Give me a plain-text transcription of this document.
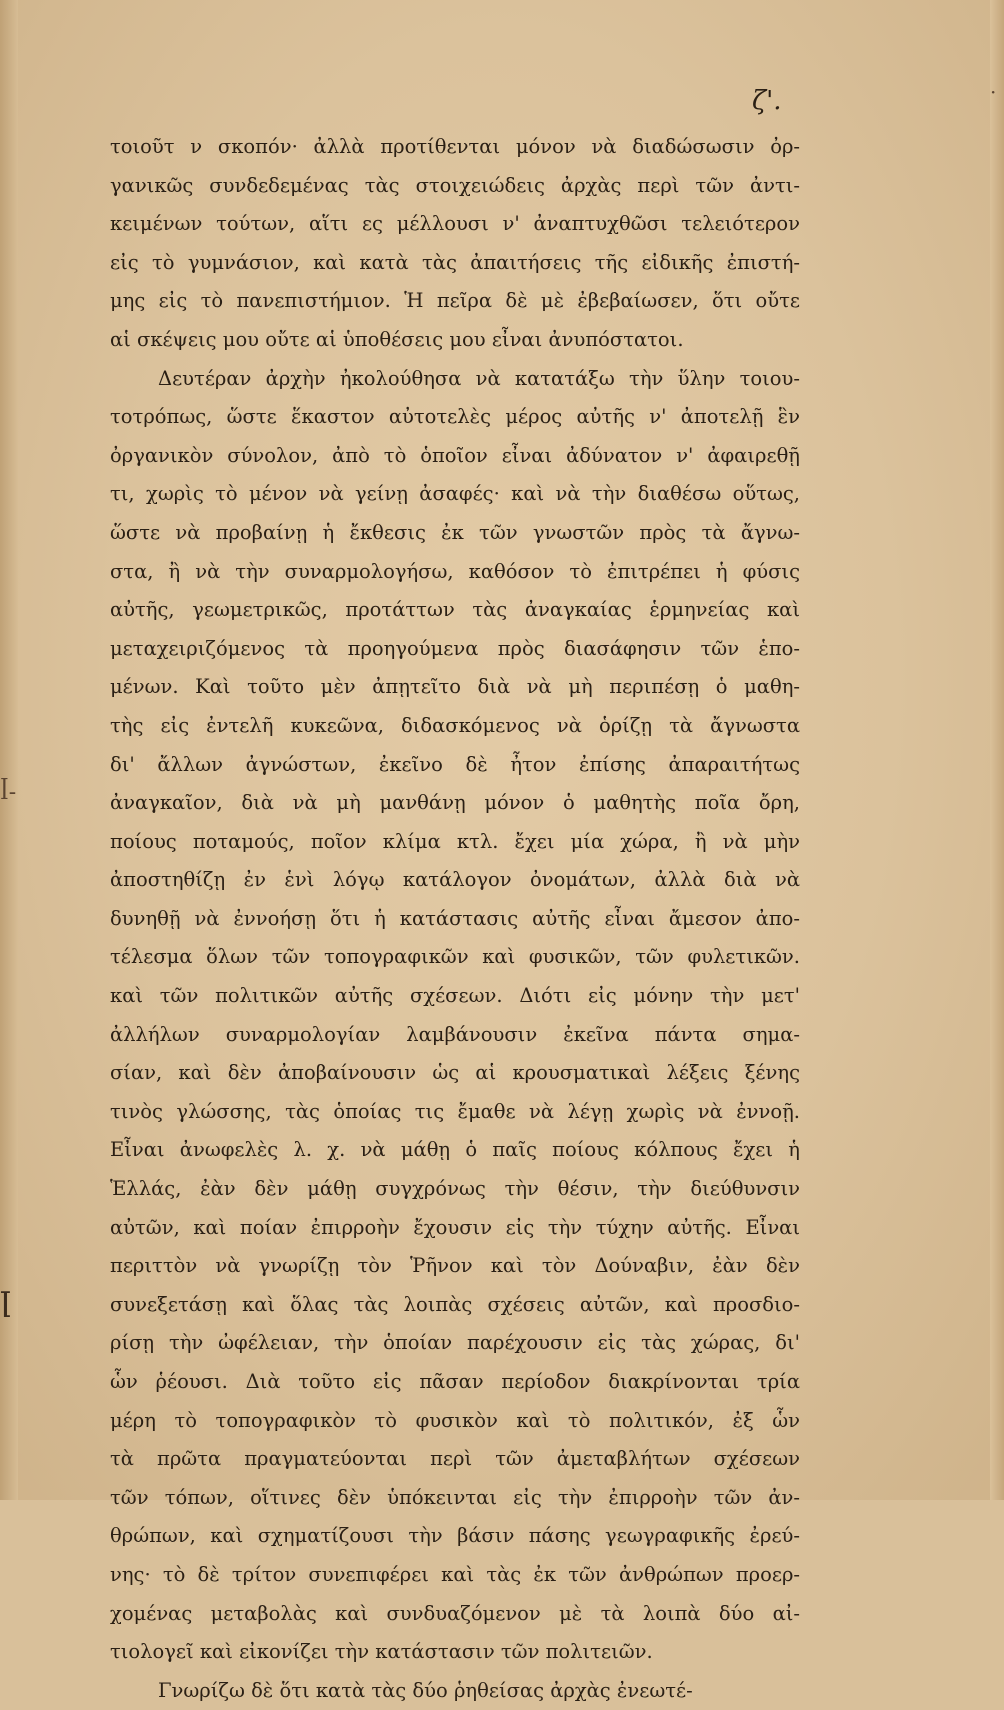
ζ'.	·
ꟾ‐
ꞁ
τοιοῦτ ν σκοπόν· ἀλλὰ προτίθενται μόνον νὰ διαδώσωσιν ὀρ-
γανικῶς συνδεδεμένας τὰς στοιχειώδεις ἀρχὰς περὶ τῶν ἀντι-
κειμένων τούτων, αἵτι ες μέλλουσι ν' ἀναπτυχθῶσι τελειότερον
εἰς τὸ γυμνάσιον, καὶ κατὰ τὰς ἀπαιτήσεις τῆς εἰδικῆς ἐπιστή-
μης εἰς τὸ πανεπιστήμιον. Ἡ πεῖρα δὲ μὲ ἐβεβαίωσεν, ὅτι οὔτε
αἱ σκέψεις μου οὔτε αἱ ὑποθέσεις μου εἶναι ἀνυπόστατοι.
Δευτέραν ἀρχὴν ἠκολούθησα νὰ κατατάξω τὴν ὕλην τοιου-
τοτρόπως, ὥστε ἕκαστον αὐτοτελὲς μέρος αὐτῆς ν' ἀποτελῇ ἓν
ὀργανικὸν σύνολον, ἀπὸ τὸ ὁποῖον εἶναι ἀδύνατον ν' ἀφαιρεθῇ
τι, χωρὶς τὸ μένον νὰ γείνῃ ἀσαφές· καὶ νὰ τὴν διαθέσω οὕτως,
ὥστε νὰ προβαίνῃ ἡ ἔκθεσις ἐκ τῶν γνωστῶν πρὸς τὰ ἄγνω-
στα, ἢ νὰ τὴν συναρμολογήσω, καθόσον τὸ ἐπιτρέπει ἡ φύσις
αὐτῆς, γεωμετρικῶς, προτάττων τὰς ἀναγκαίας ἑρμηνείας καὶ
μεταχειριζόμενος τὰ προηγούμενα πρὸς διασάφησιν τῶν ἑπο-
μένων. Καὶ τοῦτο μὲν ἀπῃτεῖτο διὰ νὰ μὴ περιπέσῃ ὁ μαθη-
τὴς εἰς ἐντελῆ κυκεῶνα, διδασκόμενος νὰ ὁρίζῃ τὰ ἄγνωστα
δι' ἄλλων ἀγνώστων, ἐκεῖνο δὲ ἦτον ἐπίσης ἀπαραιτήτως
ἀναγκαῖον, διὰ νὰ μὴ μανθάνῃ μόνον ὁ μαθητὴς ποῖα ὄρη,
ποίους ποταμούς, ποῖον κλίμα κτλ. ἔχει μία χώρα, ἢ νὰ μὴν
ἀποστηθίζῃ ἐν ἑνὶ λόγῳ κατάλογον ὀνομάτων, ἀλλὰ διὰ νὰ
δυνηθῇ νὰ ἐννοήσῃ ὅτι ἡ κατάστασις αὐτῆς εἶναι ἄμεσον ἀπο-
τέλεσμα ὅλων τῶν τοπογραφικῶν καὶ φυσικῶν, τῶν φυλετικῶν.
καὶ τῶν πολιτικῶν αὐτῆς σχέσεων. Διότι εἰς μόνην τὴν μετ'
ἀλλήλων συναρμολογίαν λαμβάνουσιν ἐκεῖνα πάντα σημα-
σίαν, καὶ δὲν ἀποβαίνουσιν ὡς αἱ κρουσματικαὶ λέξεις ξένης
τινὸς γλώσσης, τὰς ὁποίας τις ἔμαθε νὰ λέγῃ χωρὶς νὰ ἐννοῇ.
Εἶναι ἀνωφελὲς λ. χ. νὰ μάθῃ ὁ παῖς ποίους κόλπους ἔχει ἡ
Ἑλλάς, ἐὰν δὲν μάθῃ συγχρόνως τὴν θέσιν, τὴν διεύθυνσιν
αὐτῶν, καὶ ποίαν ἐπιρροὴν ἔχουσιν εἰς τὴν τύχην αὐτῆς. Εἶναι
περιττὸν νὰ γνωρίζῃ τὸν Ῥῆνον καὶ τὸν Δούναβιν, ἐὰν δὲν
συνεξετάσῃ καὶ ὅλας τὰς λοιπὰς σχέσεις αὐτῶν, καὶ προσδιο-
ρίσῃ τὴν ὠφέλειαν, τὴν ὁποίαν παρέχουσιν εἰς τὰς χώρας, δι'
ὧν ῥέουσι. Διὰ τοῦτο εἰς πᾶσαν περίοδον διακρίνονται τρία
μέρη τὸ τοπογραφικὸν τὸ φυσικὸν καὶ τὸ πολιτικόν, ἐξ ὧν
τὰ πρῶτα πραγματεύονται περὶ τῶν ἀμεταβλήτων σχέσεων
τῶν τόπων, οἵτινες δὲν ὑπόκεινται εἰς τὴν ἐπιρροὴν τῶν ἀν-
θρώπων, καὶ σχηματίζουσι τὴν βάσιν πάσης γεωγραφικῆς ἐρεύ-
νης· τὸ δὲ τρίτον συνεπιφέρει καὶ τὰς ἐκ τῶν ἀνθρώπων προερ-
χομένας μεταβολὰς καὶ συνδυαζόμενον μὲ τὰ λοιπὰ δύο αἰ-
τιολογεῖ καὶ εἰκονίζει τὴν κατάστασιν τῶν πολιτειῶν.
Γνωρίζω δὲ ὅτι κατὰ τὰς δύο ῥηθείσας ἀρχὰς ἐνεωτέ-
